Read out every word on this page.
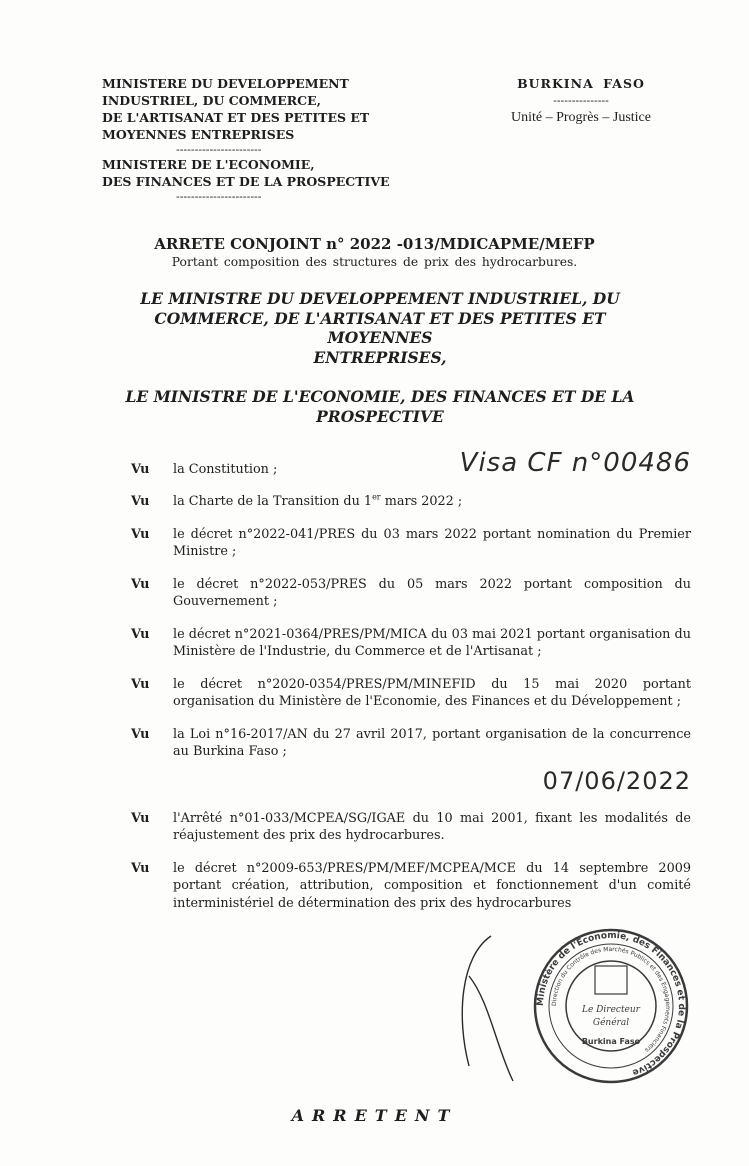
MINISTERE DU DEVELOPPEMENT
INDUSTRIEL, DU COMMERCE,
DE L'ARTISANAT ET DES PETITES ET
MOYENNES ENTREPRISES
-----------------------
MINISTERE DE L'ECONOMIE,
DES FINANCES ET DE LA PROSPECTIVE
-----------------------
BURKINA FASO
---------------
Unité – Progrès – Justice
ARRETE CONJOINT n° 2022 -013/MDICAPME/MEFP
Portant composition des structures de prix des hydrocarbures.
LE MINISTRE DU DEVELOPPEMENT INDUSTRIEL, DU
COMMERCE, DE L'ARTISANAT ET DES PETITES ET MOYENNES
ENTREPRISES,
LE MINISTRE DE L'ECONOMIE, DES FINANCES ET DE LA
PROSPECTIVE
Vu	la Constitution ;	Visa CF n°00486
Vu	la Charte de la Transition du 1er mars 2022 ;
Vu	le décret n°2022-041/PRES du 03 mars 2022 portant nomination du Premier Ministre ;
Vu	le décret n°2022-053/PRES du 05 mars 2022 portant composition du Gouvernement ;
Vu	le décret n°2021-0364/PRES/PM/MICA du 03 mai 2021 portant organisation du Ministère de l'Industrie, du Commerce et de l'Artisanat ;
Vu	le décret n°2020-0354/PRES/PM/MINEFID du 15 mai 2020 portant organisation du Ministère de l'Economie, des Finances et du Développement ;
Vu	la Loi n°16-2017/AN du 27 avril 2017, portant organisation de la concurrence au Burkina Faso ;
07/06/2022
Vu	l'Arrêté n°01-033/MCPEA/SG/IGAE du 10 mai 2001, fixant les modalités de réajustement des prix des hydrocarbures.
Vu	le décret n°2009-653/PRES/PM/MEF/MCPEA/MCE du 14 septembre 2009 portant création, attribution, composition et fonctionnement d'un comité interministériel de détermination des prix des hydrocarbures
Ministère de l'Economie, des Finances et de la Prospective
Direction du Contrôle des Marchés Publics et des Engagements Financiers
Le Directeur
Général
Burkina Faso
ARRETENT
